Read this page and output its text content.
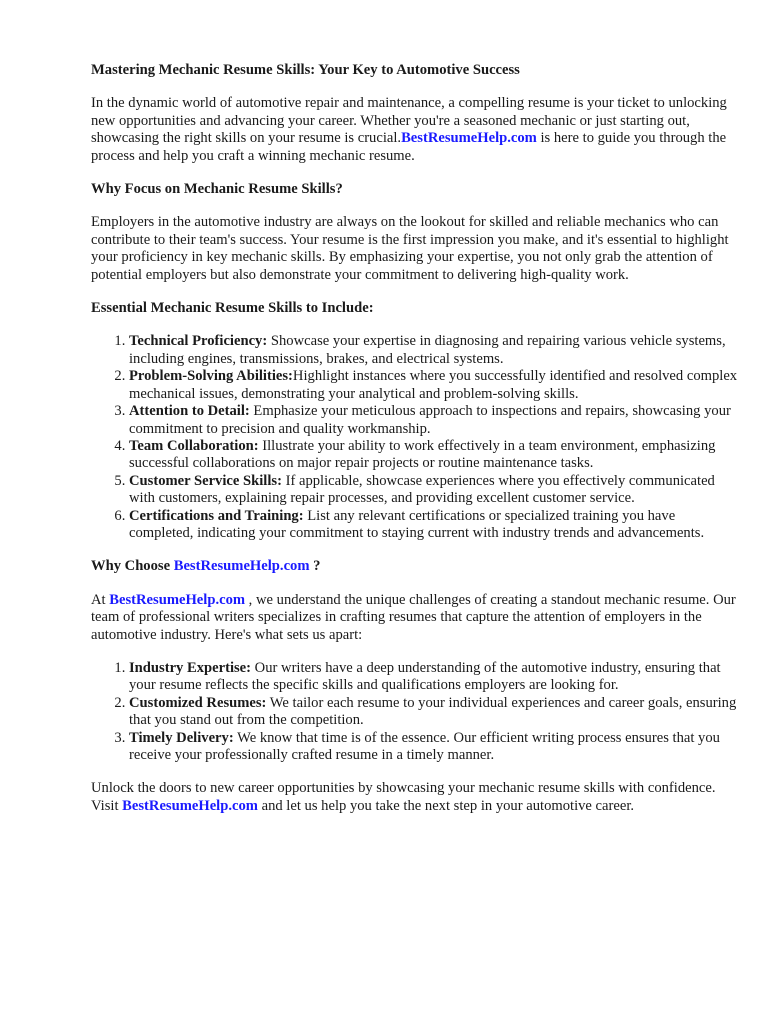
Mastering Mechanic Resume Skills: Your Key to Automotive Success

In the dynamic world of automotive repair and maintenance, a compelling resume is your ticket to unlocking new opportunities and advancing your career. Whether you're a seasoned mechanic or just starting out, showcasing the right skills on your resume is crucial.BestResumeHelp.com is here to guide you through the process and help you craft a winning mechanic resume.

Why Focus on Mechanic Resume Skills?

Employers in the automotive industry are always on the lookout for skilled and reliable mechanics who can contribute to their team's success. Your resume is the first impression you make, and it's essential to highlight your proficiency in key mechanic skills. By emphasizing your expertise, you not only grab the attention of potential employers but also demonstrate your commitment to delivering high-quality work.

Essential Mechanic Resume Skills to Include:
1. Technical Proficiency: Showcase your expertise in diagnosing and repairing various vehicle systems, including engines, transmissions, brakes, and electrical systems.
2. Problem-Solving Abilities:Highlight instances where you successfully identified and resolved complex mechanical issues, demonstrating your analytical and problem-solving skills.
3. Attention to Detail: Emphasize your meticulous approach to inspections and repairs, showcasing your commitment to precision and quality workmanship.
4. Team Collaboration: Illustrate your ability to work effectively in a team environment, emphasizing successful collaborations on major repair projects or routine maintenance tasks.
5. Customer Service Skills: If applicable, showcase experiences where you effectively communicated with customers, explaining repair processes, and providing excellent customer service.
6. Certifications and Training: List any relevant certifications or specialized training you have completed, indicating your commitment to staying current with industry trends and advancements.
Why Choose BestResumeHelp.com ?

At BestResumeHelp.com , we understand the unique challenges of creating a standout mechanic resume. Our team of professional writers specializes in crafting resumes that capture the attention of employers in the automotive industry. Here's what sets us apart:

1. Industry Expertise: Our writers have a deep understanding of the automotive industry, ensuring that your resume reflects the specific skills and qualifications employers are looking for.
2. Customized Resumes: We tailor each resume to your individual experiences and career goals, ensuring that you stand out from the competition.
3. Timely Delivery: We know that time is of the essence. Our efficient writing process ensures that you receive your professionally crafted resume in a timely manner.

Unlock the doors to new career opportunities by showcasing your mechanic resume skills with confidence. Visit BestResumeHelp.com and let us help you take the next step in your automotive career.
